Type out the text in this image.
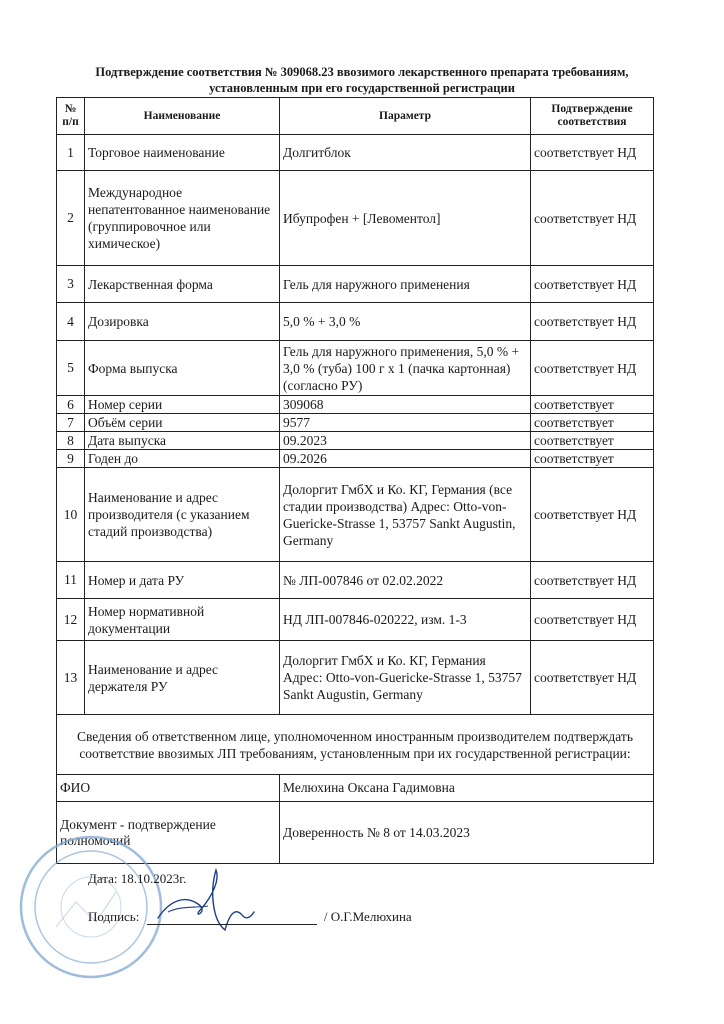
Подтверждение соответствия № 309068.23 ввозимого лекарственного препарата требованиям,
установленным при его государственной регистрации
№ п/п	Наименование	Параметр	Подтверждение соответствия
1	Торговое наименование	Долгитблок	соответствует НД
2	Международное непатентованное наименование (группировочное или химическое)	Ибупрофен + [Левоментол]	соответствует НД
3	Лекарственная форма	Гель для наружного применения	соответствует НД
4	Дозировка	5,0 % + 3,0 %	соответствует НД
5	Форма выпуска	Гель для наружного применения, 5,0 % + 3,0 % (туба) 100 г х 1 (пачка картонная) (согласно РУ)	соответствует НД
6	Номер серии	309068	соответствует
7	Объём серии	9577	соответствует
8	Дата выпуска	09.2023	соответствует
9	Годен до	09.2026	соответствует
10	Наименование и адрес производителя (с указанием стадий производства)	Долоргит ГмбХ и Ко. КГ, Германия (все стадии производства) Адрес: Otto-von-Guericke-Strasse 1, 53757 Sankt Augustin, Germany	соответствует НД
11	Номер и дата РУ	№ ЛП-007846 от 02.02.2022	соответствует НД
12	Номер нормативной документации	НД ЛП-007846-020222, изм. 1-3	соответствует НД
13	Наименование и адрес держателя РУ	Долоргит ГмбХ и Ко. КГ, Германия Адрес: Otto-von-Guericke-Strasse 1, 53757 Sankt Augustin, Germany	соответствует НД
Сведения об ответственном лице, уполномоченном иностранным производителем подтверждать соответствие ввозимых ЛП требованиям, установленным при их государственной регистрации:			
ФИО		Мелюхина Оксана Гадимовна	
Документ - подтверждение полномочий		Доверенность № 8 от 14.03.2023	
Дата: 18.10.2023г.
Подпись:	/ О.Г.Мелюхина
